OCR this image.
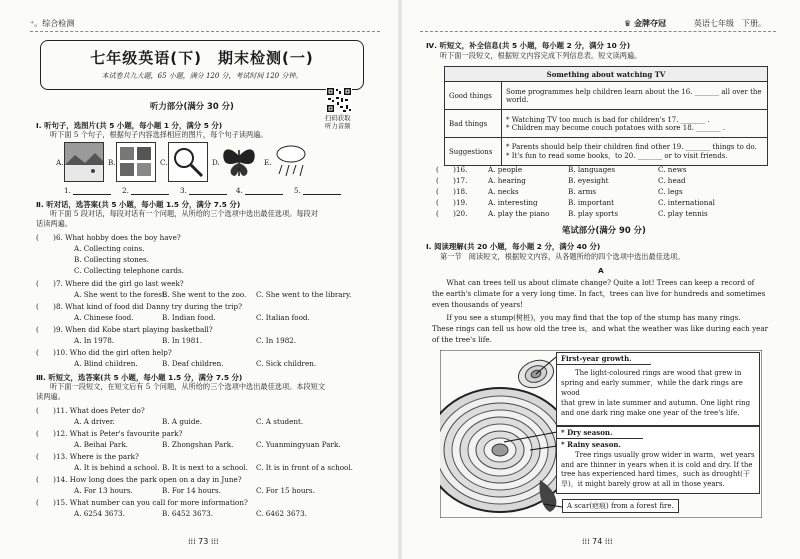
⁺。综合检测
七年级英语(下)　期末检测(一)
本试卷共九大题，65 小题，满分 120 分，考试时间 120 分钟。
听力部分(满分 30 分)
扫码获取
听力音频
Ⅰ. 听句子，选图片(共 5 小题，每小题 1 分，满分 5 分)
听下面 5 个句子，根据句子内容选择相应的图片，每个句子读两遍。
A.	B.	C.	D.	E.
1.	2.	3.	4.	5.
Ⅱ. 听对话，选答案(共 5 小题，每小题 1.5 分，满分 7.5 分)
听下面 5 段对话，每段对话有一个问题，从所给的三个选项中选出最佳选项。每段对
话读两遍。
(　　)6. What hobby does the boy have?
A. Collecting coins.
B. Collecting stones.
C. Collecting telephone cards.
(　　)7. Where did the girl go last week?
A. She went to the forest.
B. She went to the zoo. C. She went to the library.
(　　)8. What kind of food did Danny try during the trip?
A. Chinese food.	B. Indian food.	C. Italian food.
(　　)9. When did Kobe start playing basketball?
A. In 1978.	B. In 1981.	C. In 1982.
(　　)10. Who did the girl often help?
A. Blind children.	B. Deaf children.	C. Sick children.
Ⅲ. 听短文，选答案(共 5 小题，每小题 1.5 分，满分 7.5 分)
听下面一段短文，在短文后有 5 个问题，从所给的三个选项中选出最佳选项。本段短文
读两遍。
(　　)11. What does Peter do?
A. A driver.	B. A guide.	C. A student.
(　　)12. What is Peter's favourite park?
A. Beihai Park.	B. Zhongshan Park.	C. Yuanmingyuan Park.
(　　)13. Where is the park?
A. It is behind a school. B. It is next to a school. C. It is in front of a school.
(　　)14. How long does the park open on a day in June?
A. For 13 hours.	B. For 14 hours.	C. For 15 hours.
(　　)15. What number can you call for more information?
A. 6254 3673.	B. 6452 3673.	C. 6462 3673.
⁞⁞⁞ 73 ⁞⁞⁞
♛ 金牌夺冠	英语七年级　下册。
Ⅳ. 听短文，补全信息(共 5 小题，每小题 2 分，满分 10 分)
听下面一段短文，根据短文内容完成下列信息表。短文读两遍。
Something about watching TV	
Good things	Some programmes help children learn about the 16. _______ all over the
world.

Bad things	* Watching TV too much is bad for children's 17. _______ .
* Children may become couch potatoes with sore 18. _______ .

Suggestions	* Parents should help their children find other 19. _______ things to do.
* It's fun to read some books，to 20. _______ or to visit friends.
(　　)16.	A. people	B. languages	C. news
(　　)17.	A. hearing	B. eyesight	C. head
(　　)18.	A. necks	B. arms	C. legs
(　　)19.	A. interesting	B. important	C. international
(　　)20.	A. play the piano	B. play sports	C. play tennis
笔试部分(满分 90 分)
Ⅰ. 阅读理解(共 20 小题，每小题 2 分，满分 40 分)
第一节　阅读短文，根据短文内容，从各题所给的四个选项中选出最佳选项。
A
　　What can trees tell us about climate change? Quite a lot! Trees can keep a record of
the earth's climate for a very long time. In fact，trees can live for hundreds and sometimes
even thousands of years!
　　If you see a stump(树桩)，you may find that the top of the stump has many rings.
These rings can tell us how old the tree is，and what the weather was like during each year
of the tree's life.
First-year growth.
　　The light-coloured rings are wood that grew in
spring and early summer，while the dark rings are wood
that grew in late summer and autumn. One light ring
and one dark ring make one year of the tree's life.
* Dry season.
* Rainy season.
　　Tree rings usually grow wider in warm，wet years
and are thinner in years when it is cold and dry. If the
tree has experienced hard times，such as drought(干
旱)，it might barely grow at all in those years.
A scar(疤痕) from a forest fire.
⁞⁞⁞ 74 ⁞⁞⁞
